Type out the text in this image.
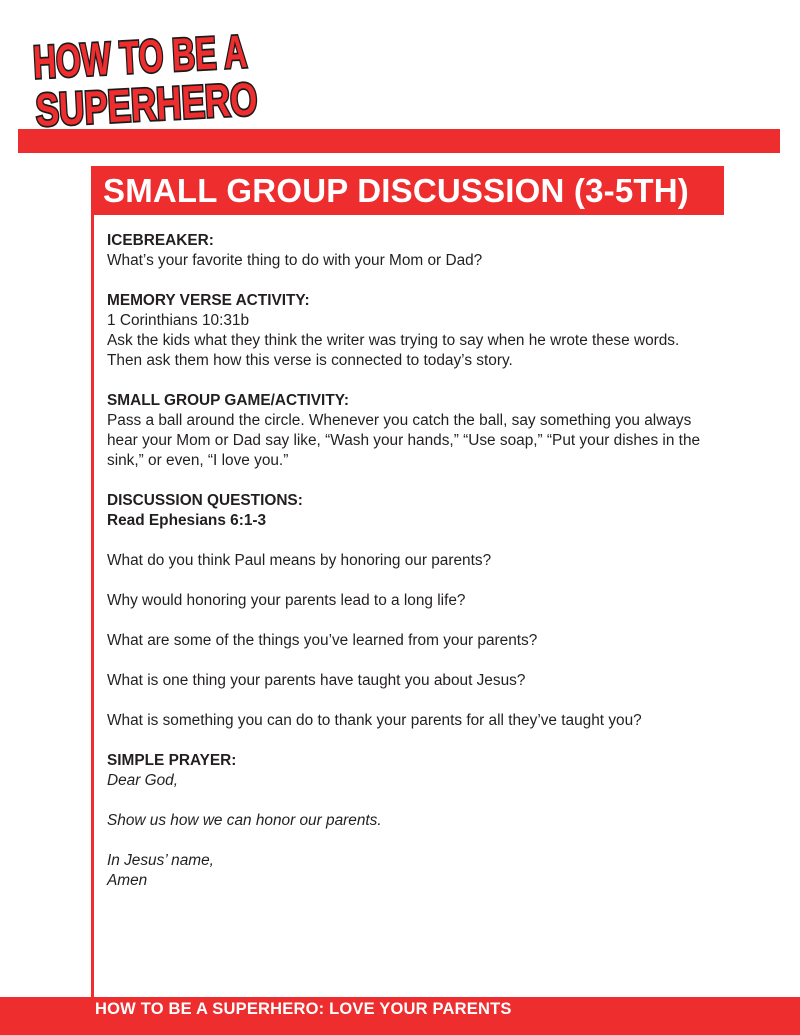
HOW TO BE A
SUPERHERO
SMALL GROUP DISCUSSION (3-5TH)

ICEBREAKER:

What’s your favorite thing to do with your Mom or Dad?

MEMORY VERSE ACTIVITY:

1 Corinthians 10:31b

Ask the kids what they think the writer was trying to say when he wrote these words.

Then ask them how this verse is connected to today’s story.

SMALL GROUP GAME/ACTIVITY:

Pass a ball around the circle. Whenever you catch the ball, say something you always

hear your Mom or Dad say like, “Wash your hands,” “Use soap,” “Put your dishes in the

sink,” or even, “I love you.”

DISCUSSION QUESTIONS:

Read Ephesians 6:1-3

What do you think Paul means by honoring our parents?

Why would honoring your parents lead to a long life?

What are some of the things you’ve learned from your parents?

What is one thing your parents have taught you about Jesus?

What is something you can do to thank your parents for all they’ve taught you?

SIMPLE PRAYER:

Dear God,

Show us how we can honor our parents.

In Jesus’ name,

Amen

HOW TO BE A SUPERHERO: LOVE YOUR PARENTS
